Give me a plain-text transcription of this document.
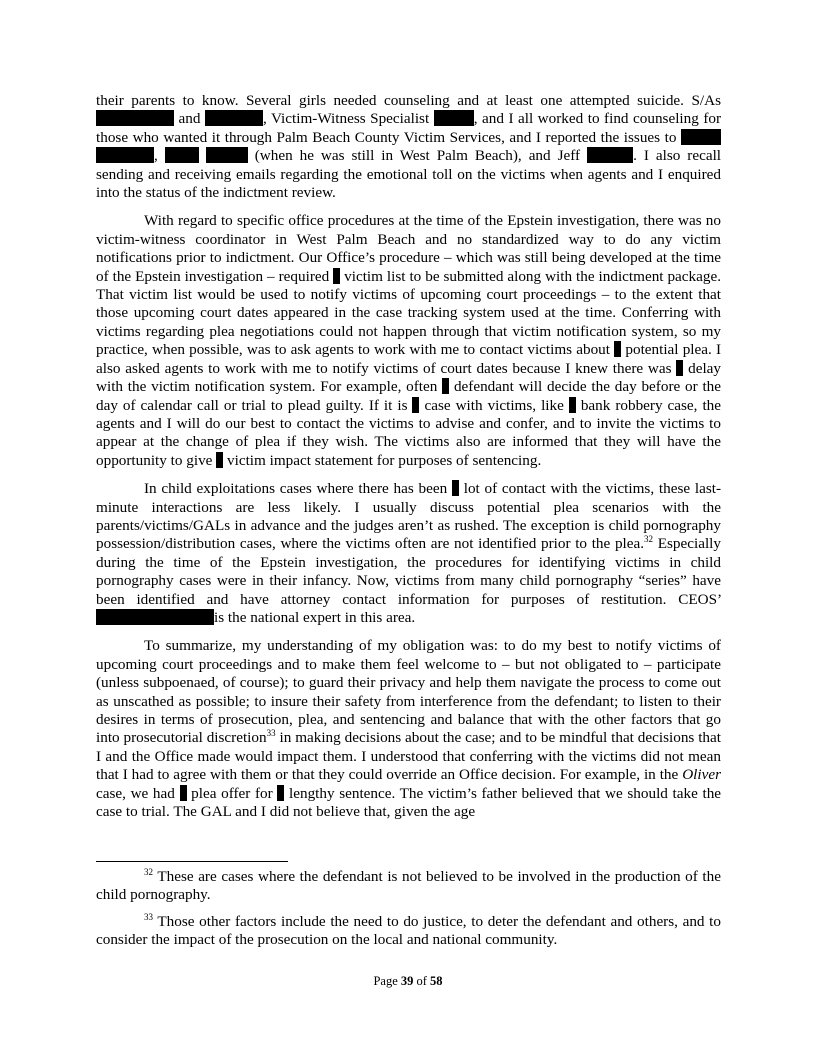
their parents to know. Several girls needed counseling and at least one attempted suicide. S/As  and	, Victim-Witness Specialist	, and I all worked to find counseling for those who wanted it through Palm Beach County Victim Services, and I reported the issues to  ,	(when he was still in West Palm Beach), and Jeff	. I also recall sending and receiving emails regarding the emotional toll on the victims when agents and I enquired into the status of the indictment review.

With regard to specific office procedures at the time of the Epstein investigation, there was no victim-witness coordinator in West Palm Beach and no standardized way to do any victim notifications prior to indictment. Our Office’s procedure – which was still being developed at the time of the Epstein investigation – required victim list to be submitted along with the indictment package. That victim list would be used to notify victims of upcoming court proceedings – to the extent that those upcoming court dates appeared in the case tracking system used at the time. Conferring with victims regarding plea negotiations could not happen through that victim notification system, so my practice, when possible, was to ask agents to work with me to contact victims about potential plea. I also asked agents to work with me to notify victims of court dates because I knew there was delay with the victim notification system. For example, often defendant will decide the day before or the day of calendar call or trial to plead guilty. If it is case with victims, like bank robbery case, the agents and I will do our best to contact the victims to advise and confer, and to invite the victims to appear at the change of plea if they wish. The victims also are informed that they will have the opportunity to give victim impact statement for purposes of sentencing.

In child exploitations cases where there has been lot of contact with the victims, these last-minute interactions are less likely. I usually discuss potential plea scenarios with the parents/victims/GALs in advance and the judges aren’t as rushed. The exception is child pornography possession/distribution cases, where the victims often are not identified prior to the plea.$^{32}$ Especially during the time of the Epstein investigation, the procedures for identifying victims in child pornography cases were in their infancy. Now, victims from many child pornography “series” have been identified and have attorney contact information for purposes of restitution. CEOS’ is the national expert in this area.

To summarize, my understanding of my obligation was: to do my best to notify victims of upcoming court proceedings and to make them feel welcome to – but not obligated to – participate (unless subpoenaed, of course); to guard their privacy and help them navigate the process to come out as unscathed as possible; to insure their safety from interference from the defendant; to listen to their desires in terms of prosecution, plea, and sentencing and balance that with the other factors that go into prosecutorial discretion$^{33}$ in making decisions about the case; and to be mindful that decisions that I and the Office made would impact them. I understood that conferring with the victims did not mean that I had to agree with them or that they could override an Office decision. For example, in the Oliver case, we had plea offer for lengthy sentence. The victim’s father believed that we should take the case to trial. The GAL and I did not believe that, given the age

$^{32}$ These are cases where the defendant is not believed to be involved in the production of the child pornography.

$^{33}$ Those other factors include the need to do justice, to deter the defendant and others, and to consider the impact of the prosecution on the local and national community.

Page 39 of 58
